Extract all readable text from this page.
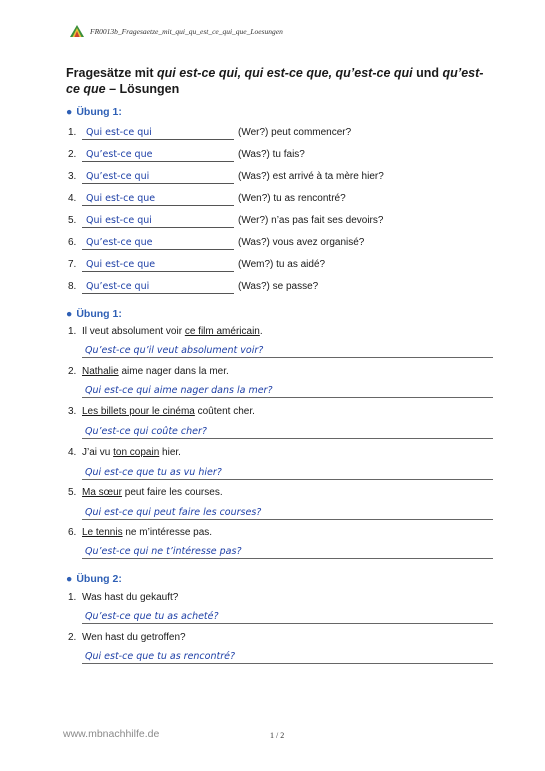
FR0013b_Fragesaetze_mit_qui_qu_est_ce_qui_que_Loesungen
Fragesätze mit qui est-ce qui, qui est-ce que, qu’est-ce qui und qu’est-ce que – Lösungen
● Übung 1:
1.	Qui est-ce qui	(Wer?) peut commencer?
2.	Qu’est-ce que	(Was?) tu fais?
3.	Qu’est-ce qui	(Was?) est arrivé à ta mère hier?
4.	Qui est-ce que	(Wen?) tu as rencontré?
5.	Qui est-ce qui	(Wer?) n’as pas fait ses devoirs?
6.	Qu’est-ce que	(Was?) vous avez organisé?
7.	Qui est-ce que	(Wem?) tu as aidé?
8.	Qu’est-ce qui	(Was?) se passe?
● Übung 1:
1. Il veut absolument voir ce film américain.
Qu’est-ce qu’il veut absolument voir?
2. Nathalie aime nager dans la mer.
Qui est-ce qui aime nager dans la mer?
3. Les billets pour le cinéma coûtent cher.
Qu’est-ce qui coûte cher?
4. J’ai vu ton copain hier.
Qui est-ce que tu as vu hier?
5. Ma sœur peut faire les courses.
Qui est-ce qui peut faire les courses?
6. Le tennis ne m’intéresse pas.
Qu’est-ce qui ne t’intéresse pas?
● Übung 2:
1. Was hast du gekauft?
Qu’est-ce que tu as acheté?
2. Wen hast du getroffen?
Qui est-ce que tu as rencontré?
www.mbnachhilfe.de	1 / 2
